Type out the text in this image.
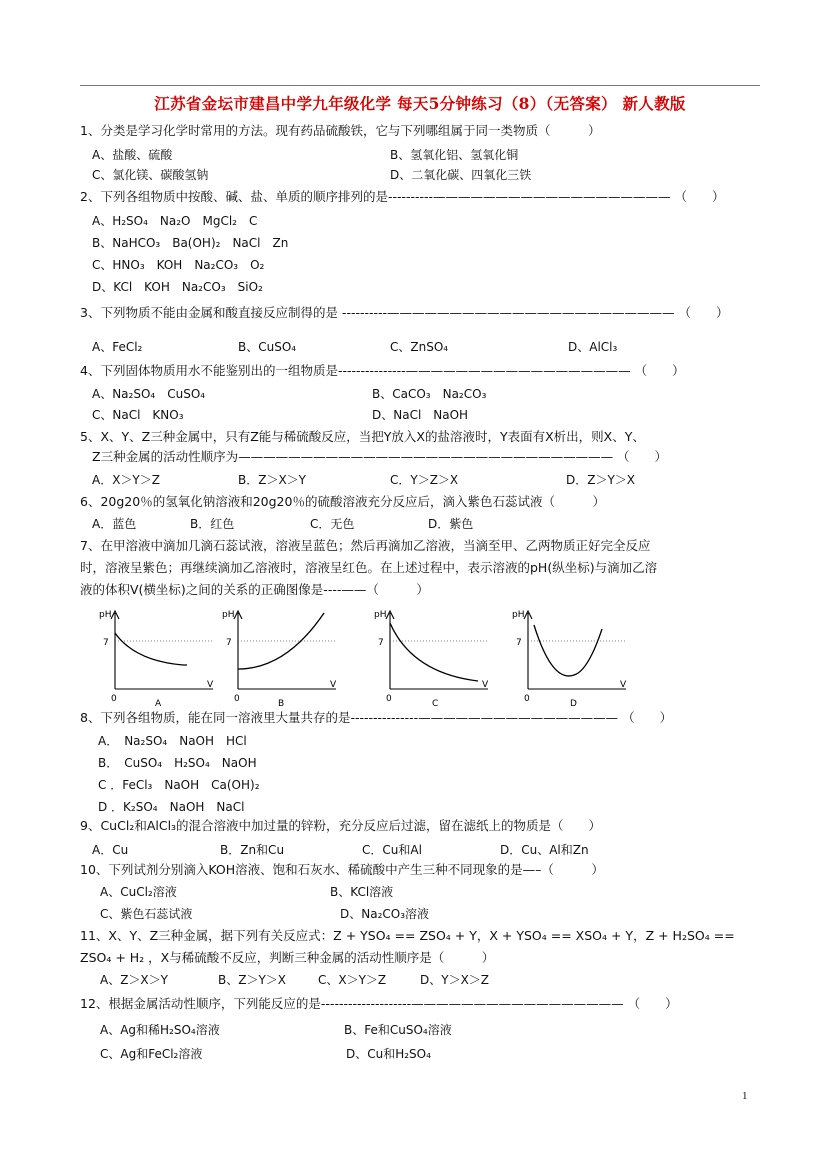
江苏省金坛市建昌中学九年级化学 每天5分钟练习（8）（无答案） 新人教版
1、分类是学习化学时常用的方法。现有药品硫酸铁，它与下列哪组属于同一类物质（　　　）
A、盐酸、硫酸	B、氢氧化铝、氢氧化铜
C、氯化镁、碳酸氢钠	D、二氧化碳、四氧化三铁
2、下列各组物质中按酸、碱、盐、单质的顺序排列的是----------——————————————————— （　　）
A、H₂SO₄　Na₂O　MgCl₂　C
B、NaHCO₃　Ba(OH)₂　NaCl　Zn
C、HNO₃　KOH　Na₂CO₃　O₂
D、KCl　KOH　Na₂CO₃　SiO₂
3、下列物质不能由金属和酸直接反应制得的是 ----------——————————————————————— （　　）
A、FeCl₂	B、CuSO₄	C、ZnSO₄	D、AlCl₃
4、下列固体物质用水不能鉴别出的一组物质是---------------—————————————————— （　　）
A、Na₂SO₄　CuSO₄	B、CaCO₃　Na₂CO₃
C、NaCl　KNO₃	D、NaCl　NaOH
5、X、Y、Z三种金属中，只有Z能与稀硫酸反应，当把Y放入X的盐溶液时，Y表面有X析出，则X、Y、
Z三种金属的活动性顺序为—————————————————————————————— （　　）
A．X＞Y＞Z	B．Z＞X＞Y	C．Y＞Z＞X	D．Z＞Y＞X
6、20g20％的氢氧化钠溶液和20g20％的硫酸溶液充分反应后，滴入紫色石蕊试液（　　　）
A．蓝色	B．红色	C．无色	D．紫色
7、在甲溶液中滴加几滴石蕊试液，溶液呈蓝色；然后再滴加乙溶液，当滴至甲、乙两物质正好完全反应
时，溶液呈紫色；再继续滴加乙溶液时，溶液呈红色。在上述过程中，表示溶液的pH(纵坐标)与滴加乙溶
液的体积V(横坐标)之间的关系的正确图像是----——（　　　）
pH
7
0
V
A
pH
7
0
V
B
pH
7
0
V
C
pH
7
0
V
D
8、下列各组物质，能在同一溶液里大量共存的是---------------———————————————— （　　）
A．　Na₂SO₄　NaOH　HCl
B．　CuSO₄　H₂SO₄　NaOH
C ．FeCl₃　NaOH　Ca(OH)₂
D ．K₂SO₄　NaOH　NaCl
9、CuCl₂和AlCl₃的混合溶液中加过量的锌粉，充分反应后过滤，留在滤纸上的物质是（　　）
A．Cu	B．Zn和Cu	C．Cu和Al	D．Cu、Al和Zn
10、下列试剂分别滴入KOH溶液、饱和石灰水、稀硫酸中产生三种不同现象的是—–（　　　）
A、CuCl₂溶液	B、KCl溶液
C、紫色石蕊试液	D、Na₂CO₃溶液
11、X、Y、Z三种金属，据下列有关反应式：Z + YSO₄ == ZSO₄ + Y，X + YSO₄ == XSO₄ + Y，Z + H₂SO₄ ==
ZSO₄ + H₂ ，X与稀硫酸不反应，判断三种金属的活动性顺序是（　　　）
A、Z＞X＞Y	B、Z＞Y＞X	C、X＞Y＞Z	D、Y＞X＞Z
12、根据金属活动性顺序，下列能反应的是--------------------————————————————— （　　）
A、Ag和稀H₂SO₄溶液	B、Fe和CuSO₄溶液
C、Ag和FeCl₂溶液	D、Cu和H₂SO₄
1
